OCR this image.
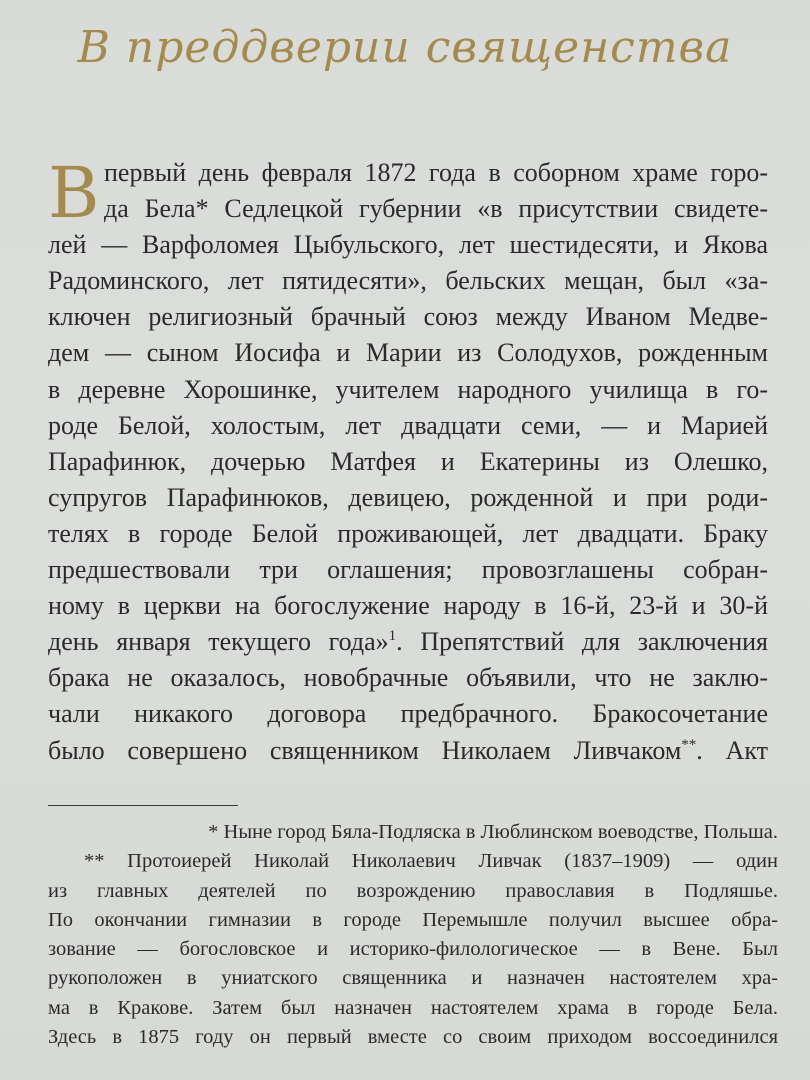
В преддверии священства
В первый день февраля 1872 года в соборном храме горо-
да Бела* Седлецкой губернии «в присутствии свидете-
лей — Варфоломея Цыбульского, лет шестидесяти, и Якова
Радоминского, лет пятидесяти», бельских мещан, был «за-
ключен религиозный брачный союз между Иваном Медве-
дем — сыном Иосифа и Марии из Солодухов, рожденным
в деревне Хорошинке, учителем народного училища в го-
роде Белой, холостым, лет двадцати семи, — и Марией
Парафинюк, дочерью Матфея и Екатерины из Олешко,
супругов Парафинюков, девицею, рожденной и при роди-
телях в городе Белой проживающей, лет двадцати. Браку
предшествовали три оглашения; провозглашены собран-
ному в церкви на богослужение народу в 16-й, 23-й и 30-й
день января текущего года»$^1$. Препятствий для заключения
брака не оказалось, новобрачные объявили, что не заклю-
чали никакого договора предбрачного. Бракосочетание
было совершено священником Николаем Ливчаком**. Акт
* Ныне город Бяла-Подляска в Люблинском воеводстве, Польша.
** Протоиерей Николай Николаевич Ливчак (1837–1909) — один
из главных деятелей по возрождению православия в Подляшье.
По окончании гимназии в городе Перемышле получил высшее обра-
зование — богословское и историко-филологическое — в Вене. Был
рукоположен в униатского священника и назначен настоятелем хра-
ма в Кракове. Затем был назначен настоятелем храма в городе Бела.
Здесь в 1875 году он первый вместе со своим приходом воссоединился
